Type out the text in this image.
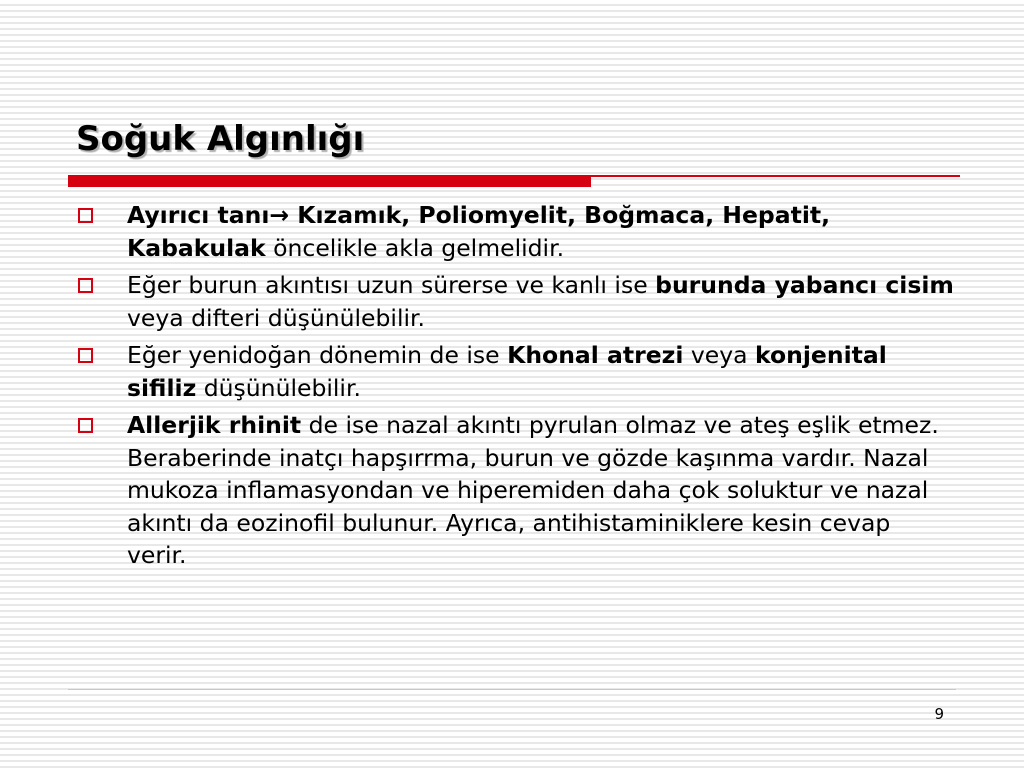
Soğuk Algınlığı
Ayırıcı tanı→ Kızamık, Poliomyelit, Boğmaca, Hepatit, Kabakulak öncelikle akla gelmelidir.
Eğer burun akıntısı uzun sürerse ve kanlı ise burunda yabancı cisim veya difteri düşünülebilir.
Eğer yenidoğan dönemin de ise Khonal atrezi veya konjenital sifiliz düşünülebilir.
Allerjik rhinit de ise nazal akıntı pyrulan olmaz ve ateş eşlik etmez. Beraberinde inatçı hapşırrma, burun ve gözde kaşınma vardır. Nazal mukoza inflamasyondan ve hiperemiden daha çok soluktur ve nazal akıntı da eozinofil bulunur. Ayrıca, antihistaminiklere kesin cevap verir.
9
